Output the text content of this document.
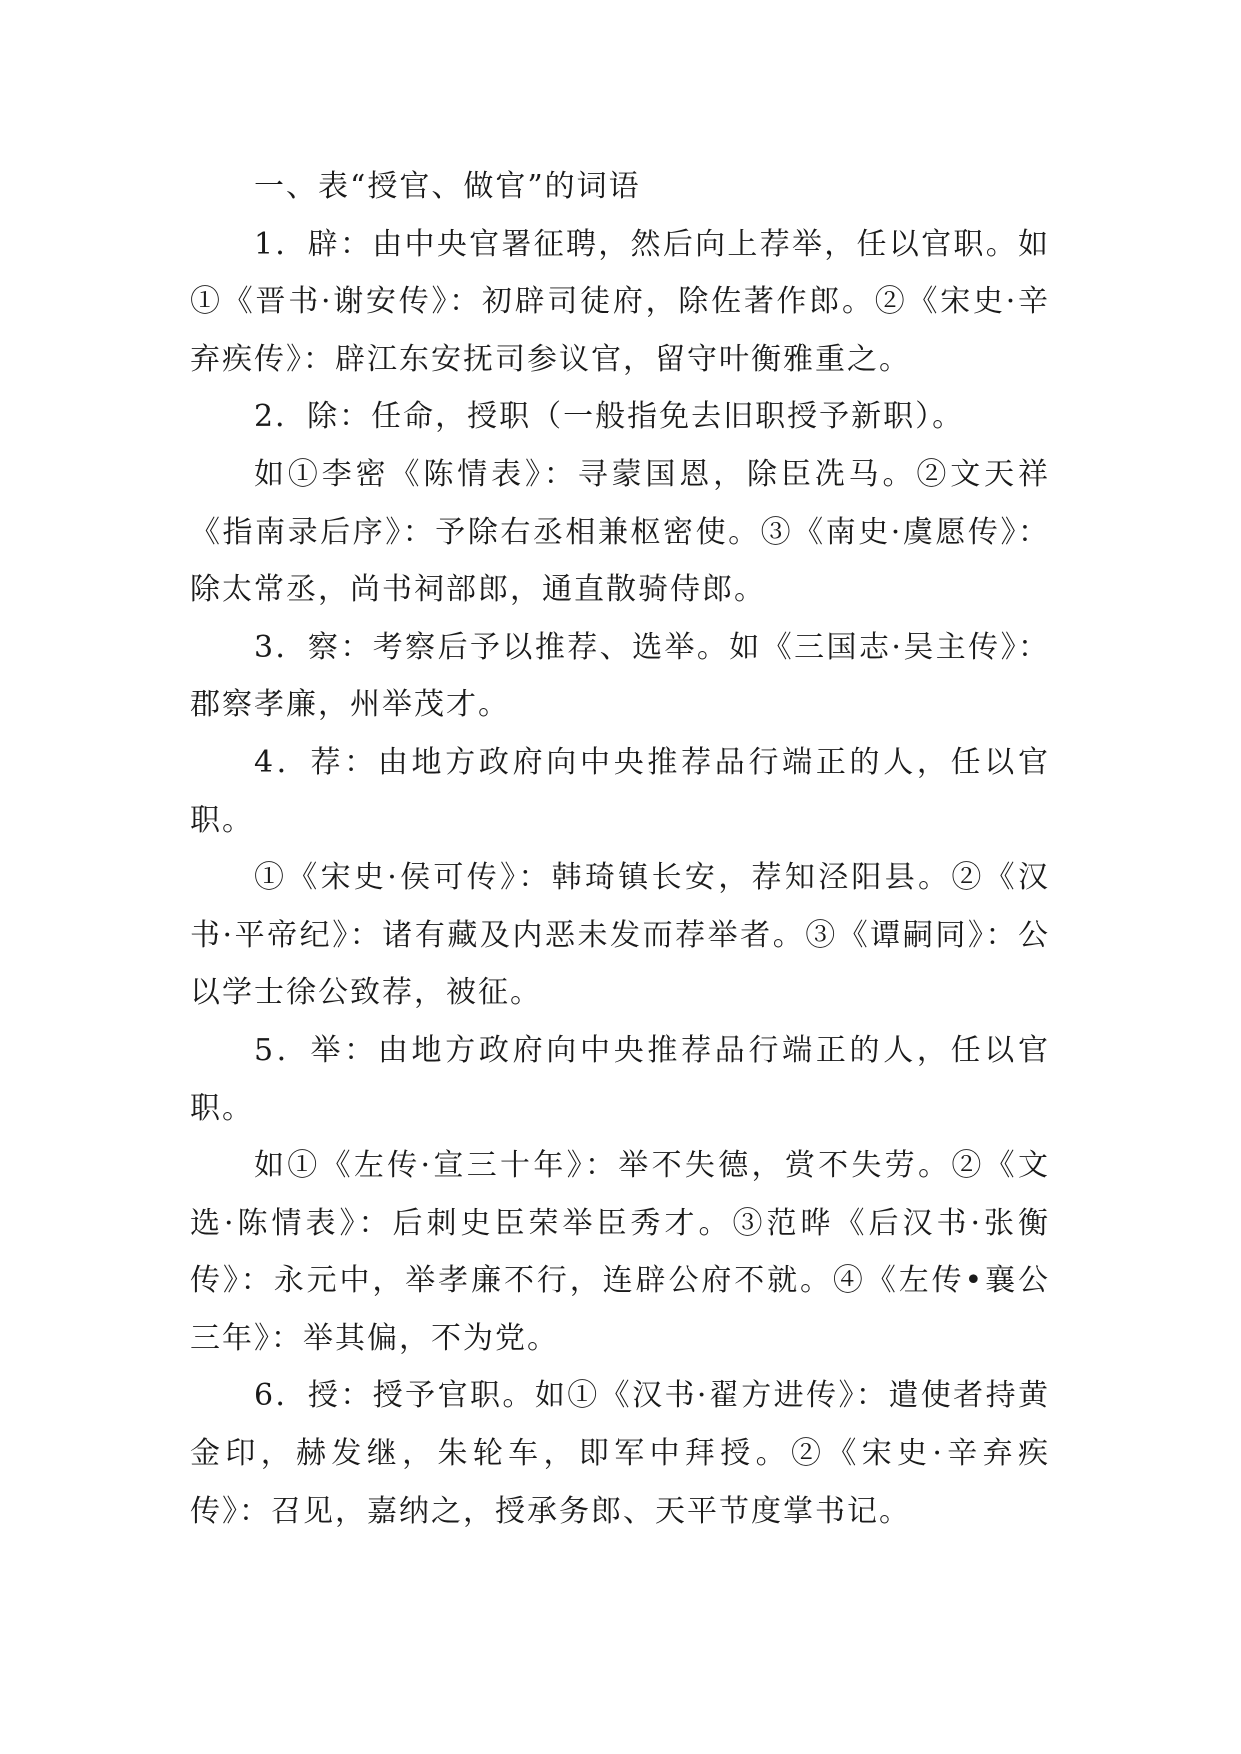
一、表“授官、做官”的词语

1．辟：由中央官署征聘，然后向上荐举，任以官职。如①《晋书·谢安传》：初辟司徒府，除佐著作郎。②《宋史·辛弃疾传》：辟江东安抚司参议官，留守叶衡雅重之。

2．除：任命，授职（一般指免去旧职授予新职）。

如①李密《陈情表》：寻蒙国恩，除臣冼马。②文天祥《指南录后序》：予除右丞相兼枢密使。③《南史·虞愿传》：除太常丞，尚书祠部郎，通直散骑侍郎。

3．察：考察后予以推荐、选举。如《三国志·吴主传》：郡察孝廉，州举茂才。

4．荐：由地方政府向中央推荐品行端正的人，任以官职。

①《宋史·侯可传》：韩琦镇长安，荐知泾阳县。②《汉书·平帝纪》：诸有藏及内恶未发而荐举者。③《谭嗣同》：公以学士徐公致荐，被征。

5．举：由地方政府向中央推荐品行端正的人，任以官职。

如①《左传·宣三十年》：举不失德，赏不失劳。②《文选·陈情表》：后刺史臣荣举臣秀才。③范晔《后汉书·张衡传》：永元中，举孝廉不行，连辟公府不就。④《左传•襄公三年》：举其偏，不为党。

6．授：授予官职。如①《汉书·翟方进传》：遣使者持黄金印，赫发继，朱轮车，即军中拜授。②《宋史·辛弃疾传》：召见，嘉纳之，授承务郎、天平节度掌书记。
